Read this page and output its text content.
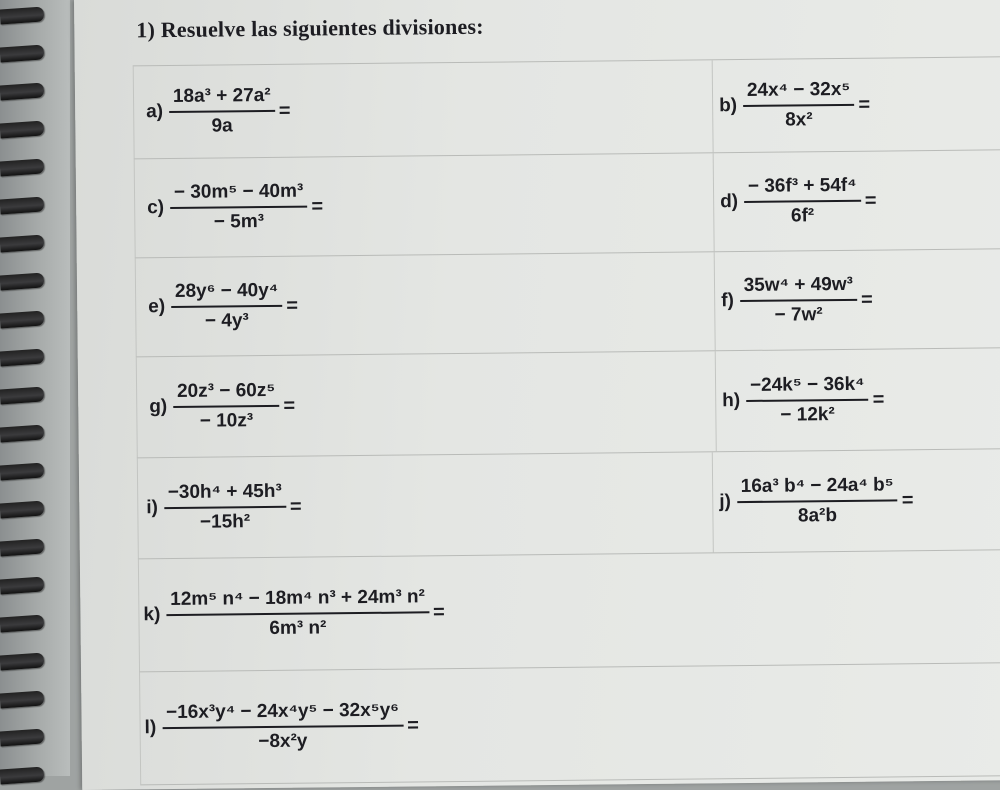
1) Resuelve las siguientes divisiones:
$a) \frac{\text{18a³ + 27a²}}{9a}$ =	$b) \frac{\text{24x⁴ − 32x⁵}}{\text{8x²}}$ =
$c) \frac{\text{− 30m⁵ − 40m³}}{\text{− 5m³}}$ =	$d) \frac{\text{− 36f³ + 54f⁴}}{\text{6f²}}$ =
$e) \frac{\text{28y⁶ − 40y⁴}}{\text{− 4y³}}$ =	$f) \frac{\text{35w⁴ + 49w³}}{\text{− 7w²}}$ =
$g) \frac{\text{20z³ − 60z⁵}}{\text{− 10z³}}$ =	$h) \frac{\text{−24k⁵ − 36k⁴}}{\text{− 12k²}}$ =
$i) \frac{\text{−30h⁴ + 45h³}}{\text{−15h²}}$ =	$j) \frac{\text{16a³ b⁴ − 24a⁴ b⁵}}{\text{8a²b}}$ =
$k) \frac{\text{12m⁵ n⁴ − 18m⁴ n³ + 24m³ n²}}{\text{6m³ n²}}$ =
$l) \frac{\text{−16x³y⁴ − 24x⁴y⁵ − 32x⁵y⁶}}{\text{−8x²y}}$ =
